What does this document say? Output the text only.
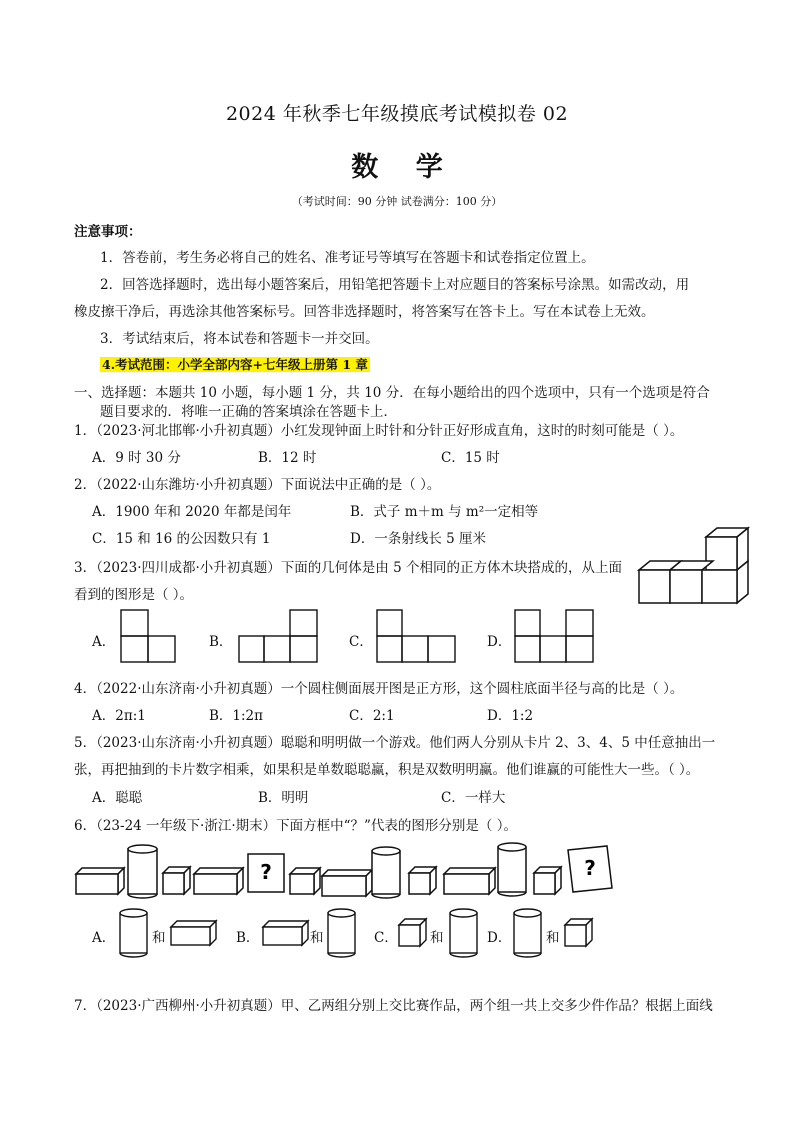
2024 年秋季七年级摸底考试模拟卷 02
数 学
（考试时间：90 分钟 试卷满分：100 分）
注意事项：
1．答卷前，考生务必将自己的姓名、准考证号等填写在答题卡和试卷指定位置上。
2．回答选择题时，选出每小题答案后，用铅笔把答题卡上对应题目的答案标号涂黑。如需改动，用
橡皮擦干净后，再选涂其他答案标号。回答非选择题时，将答案写在答卡上。写在本试卷上无效。
3．考试结束后，将本试卷和答题卡一并交回。
4.考试范围：小学全部内容+七年级上册第 1 章
一、选择题：本题共 10 小题，每小题 1 分，共 10 分．在每小题给出的四个选项中，只有一个选项是符合
题目要求的．将唯一正确的答案填涂在答题卡上．
1．（2023·河北邯郸·小升初真题）小红发现钟面上时针和分针正好形成直角，这时的时刻可能是（ ）。
A．9 时 30 分	B．12 时	C．15 时
2．（2022·山东潍坊·小升初真题）下面说法中正确的是（ ）。
A．1900 年和 2020 年都是闰年	B．式子 m＋m 与 m²一定相等
C．15 和 16 的公因数只有 1	D．一条射线长 5 厘米
3．（2023·四川成都·小升初真题）下面的几何体是由 5 个相同的正方体木块搭成的，从上面
看到的图形是（ ）。
A．	B．	C．	D．
4．（2022·山东济南·小升初真题）一个圆柱侧面展开图是正方形，这个圆柱底面半径与高的比是（ ）。
A．2π:1	B．1:2π	C．2:1	D．1:2
5．（2023·山东济南·小升初真题）聪聪和明明做一个游戏。他们两人分别从卡片 2、3、4、5 中任意抽出一
张，再把抽到的卡片数字相乘，如果积是单数聪聪赢，积是双数明明赢。他们谁赢的可能性大一些。（ ）。
A．聪聪	B．明明	C．一样大
6．（23-24 一年级下·浙江·期末）下面方框中“？”代表的图形分别是（ ）。
?	?
A．	和	B．	和	C． 和	D．	和
7．（2023·广西柳州·小升初真题）甲、乙两组分别上交比赛作品，两个组一共上交多少件作品？根据上面线
